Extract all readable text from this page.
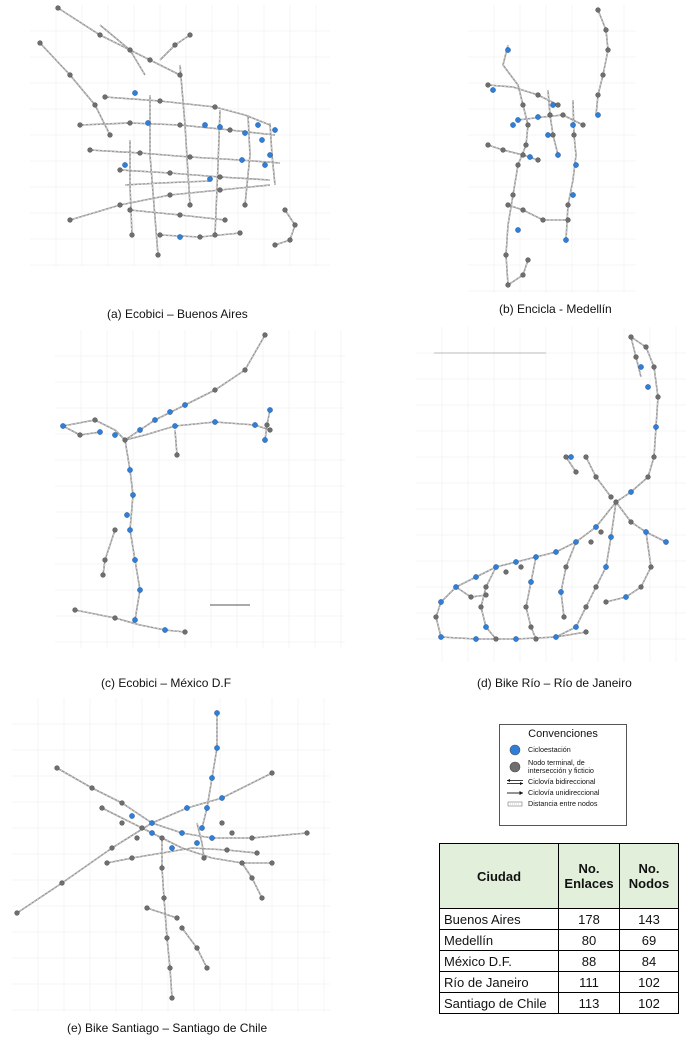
(a) Ecobici – Buenos Aires	(b) Encicla - Medellín
(c) Ecobici – México D.F	(d) Bike Río – Río de Janeiro
(e) Bike Santiago – Santiago de Chile
Convenciones
Cicloestación
Nodo terminal, de intersección y ficticio
Ciclovía bidireccional
Ciclovía unidireccional
Distancia entre nodos
Ciudad	No. Enlaces	No. Nodos
Buenos Aires	178	143
Medellín	80	69
México D.F.	88	84
Río de Janeiro	111	102
Santiago de Chile	113	102
